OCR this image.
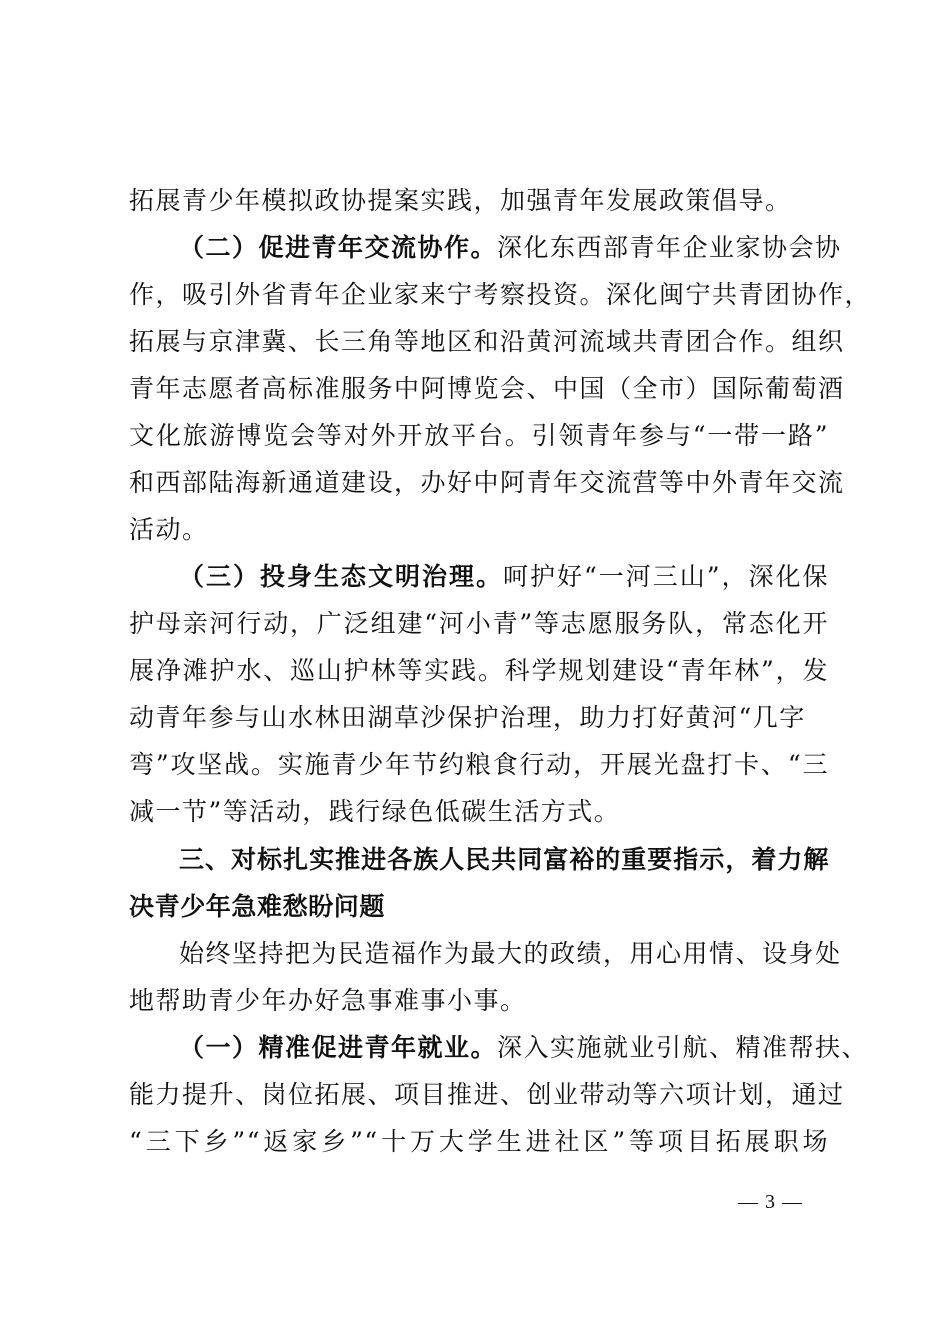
拓展青少年模拟政协提案实践，加强青年发展政策倡导。
（二）促进青年交流协作。深化东西部青年企业家协会协
作，吸引外省青年企业家来宁考察投资。深化闽宁共青团协作，
拓展与京津冀、长三角等地区和沿黄河流域共青团合作。组织
青年志愿者高标准服务中阿博览会、中国（全市）国际葡萄酒
文化旅游博览会等对外开放平台。引领青年参与“一带一路”
和西部陆海新通道建设，办好中阿青年交流营等中外青年交流
活动。
（三）投身生态文明治理。呵护好“一河三山”，深化保
护母亲河行动，广泛组建“河小青”等志愿服务队，常态化开
展净滩护水、巡山护林等实践。科学规划建设“青年林”，发
动青年参与山水林田湖草沙保护治理，助力打好黄河“几字
弯”攻坚战。实施青少年节约粮食行动，开展光盘打卡、“三
减一节”等活动，践行绿色低碳生活方式。
三、对标扎实推进各族人民共同富裕的重要指示，着力解
决青少年急难愁盼问题
始终坚持把为民造福作为最大的政绩，用心用情、设身处
地帮助青少年办好急事难事小事。
（一）精准促进青年就业。深入实施就业引航、精准帮扶、
能力提升、岗位拓展、项目推进、创业带动等六项计划，通过
“三下乡”“返家乡”“十万大学生进社区”等项目拓展职场
— 3 —
